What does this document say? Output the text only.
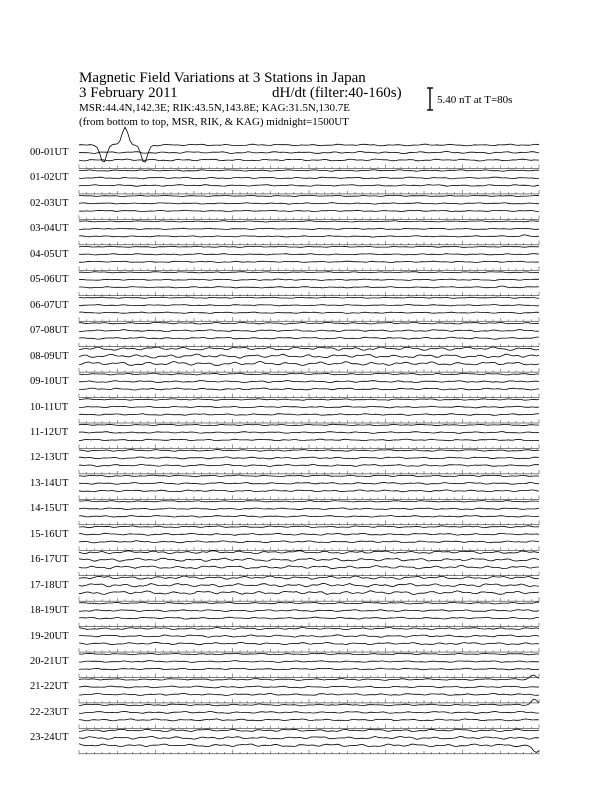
Magnetic Field Variations at 3 Stations in Japan
3 February 2011	dH/dt (filter:40-160s)
MSR:44.4N,142.3E; RIK:43.5N,143.8E; KAG:31.5N,130.7E
(from bottom to top, MSR, RIK, & KAG) midnight=1500UT
5.40 nT at T=80s
00-01UT
01-02UT
02-03UT
03-04UT
04-05UT
05-06UT
06-07UT
07-08UT
08-09UT
09-10UT
10-11UT
11-12UT
12-13UT
13-14UT
14-15UT
15-16UT
16-17UT
17-18UT
18-19UT
19-20UT
20-21UT
21-22UT
22-23UT
23-24UT
